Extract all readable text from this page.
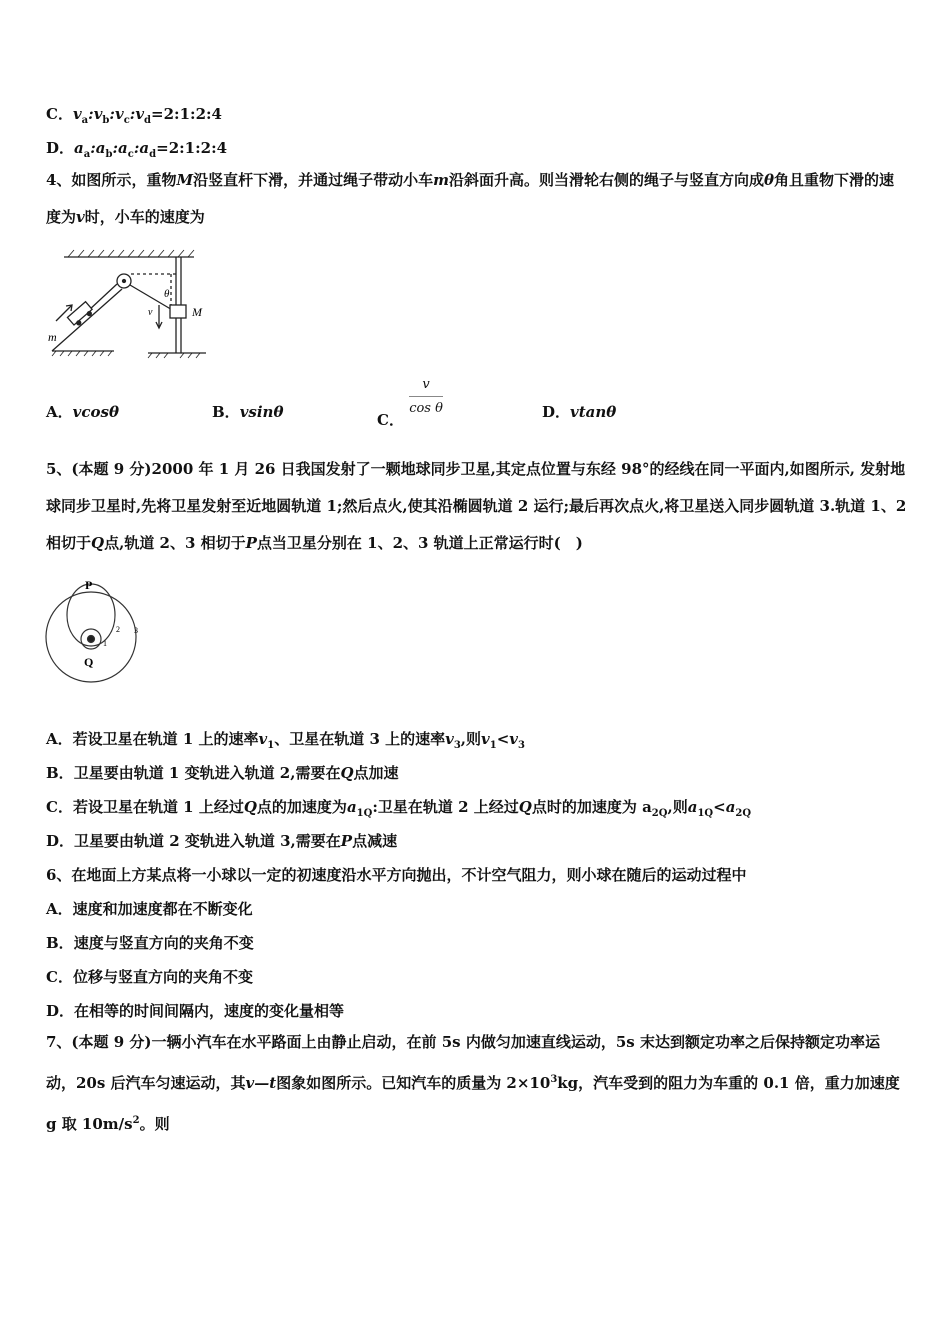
C．$v_a:v_b:v_c:v_d=2:1:2:4$
D．$a_a:a_b:a_c:a_d=2:1:2:4$
4、如图所示，重物M沿竖直杆下滑，并通过绳子带动小车m沿斜面升高。则当滑轮右侧的绳子与竖直方向成θ角且重物下滑的速度为v时，小车的速度为
m
M
v
θ
A．vcosθ	B．vsinθ	C．
$\frac{v}{\text{cos θ}}$	D．vtanθ
5、(本题 9 分)2000 年 1 月 26 日我国发射了一颗地球同步卫星,其定点位置与东经 98°的经线在同一平面内,如图所示, 发射地球同步卫星时,先将卫星发射至近地圆轨道 1;然后点火,使其沿椭圆轨道 2 运行;最后再次点火,将卫星送入同步圆轨道 3.轨道 1、2 相切于Q点,轨道 2、3 相切于P点当卫星分别在 1、2、3 轨道上正常运行时(　)
P
Q
1
2 3
A．若设卫星在轨道 1 上的速率$v_1$、卫星在轨道 3 上的速率$v_3$,则$v_1<v_3$
B．卫星要由轨道 1 变轨进入轨道 2,需要在Q点加速
C．若设卫星在轨道 1 上经过Q点的加速度为$a_{1Q}$:卫星在轨道 2 上经过Q点时的加速度为 $a_{2Q}$,则$a_{1Q}<a_{2Q}$
D．卫星要由轨道 2 变轨进入轨道 3,需要在P点减速
6、在地面上方某点将一小球以一定的初速度沿水平方向抛出，不计空气阻力，则小球在随后的运动过程中
A．速度和加速度都在不断变化
B．速度与竖直方向的夹角不变
C．位移与竖直方向的夹角不变
D．在相等的时间间隔内，速度的变化量相等
7、(本题 9 分)一辆小汽车在水平路面上由静止启动，在前 5s 内做匀加速直线运动，5s 末达到额定功率之后保持额定功率运动，20s 后汽车匀速运动，其v—t图象如图所示。已知汽车的质量为 $2\times 10^3kg$，汽车受到的阻力为车重的 0.1 倍，重力加速度 g 取 $10m/s^2$。则
